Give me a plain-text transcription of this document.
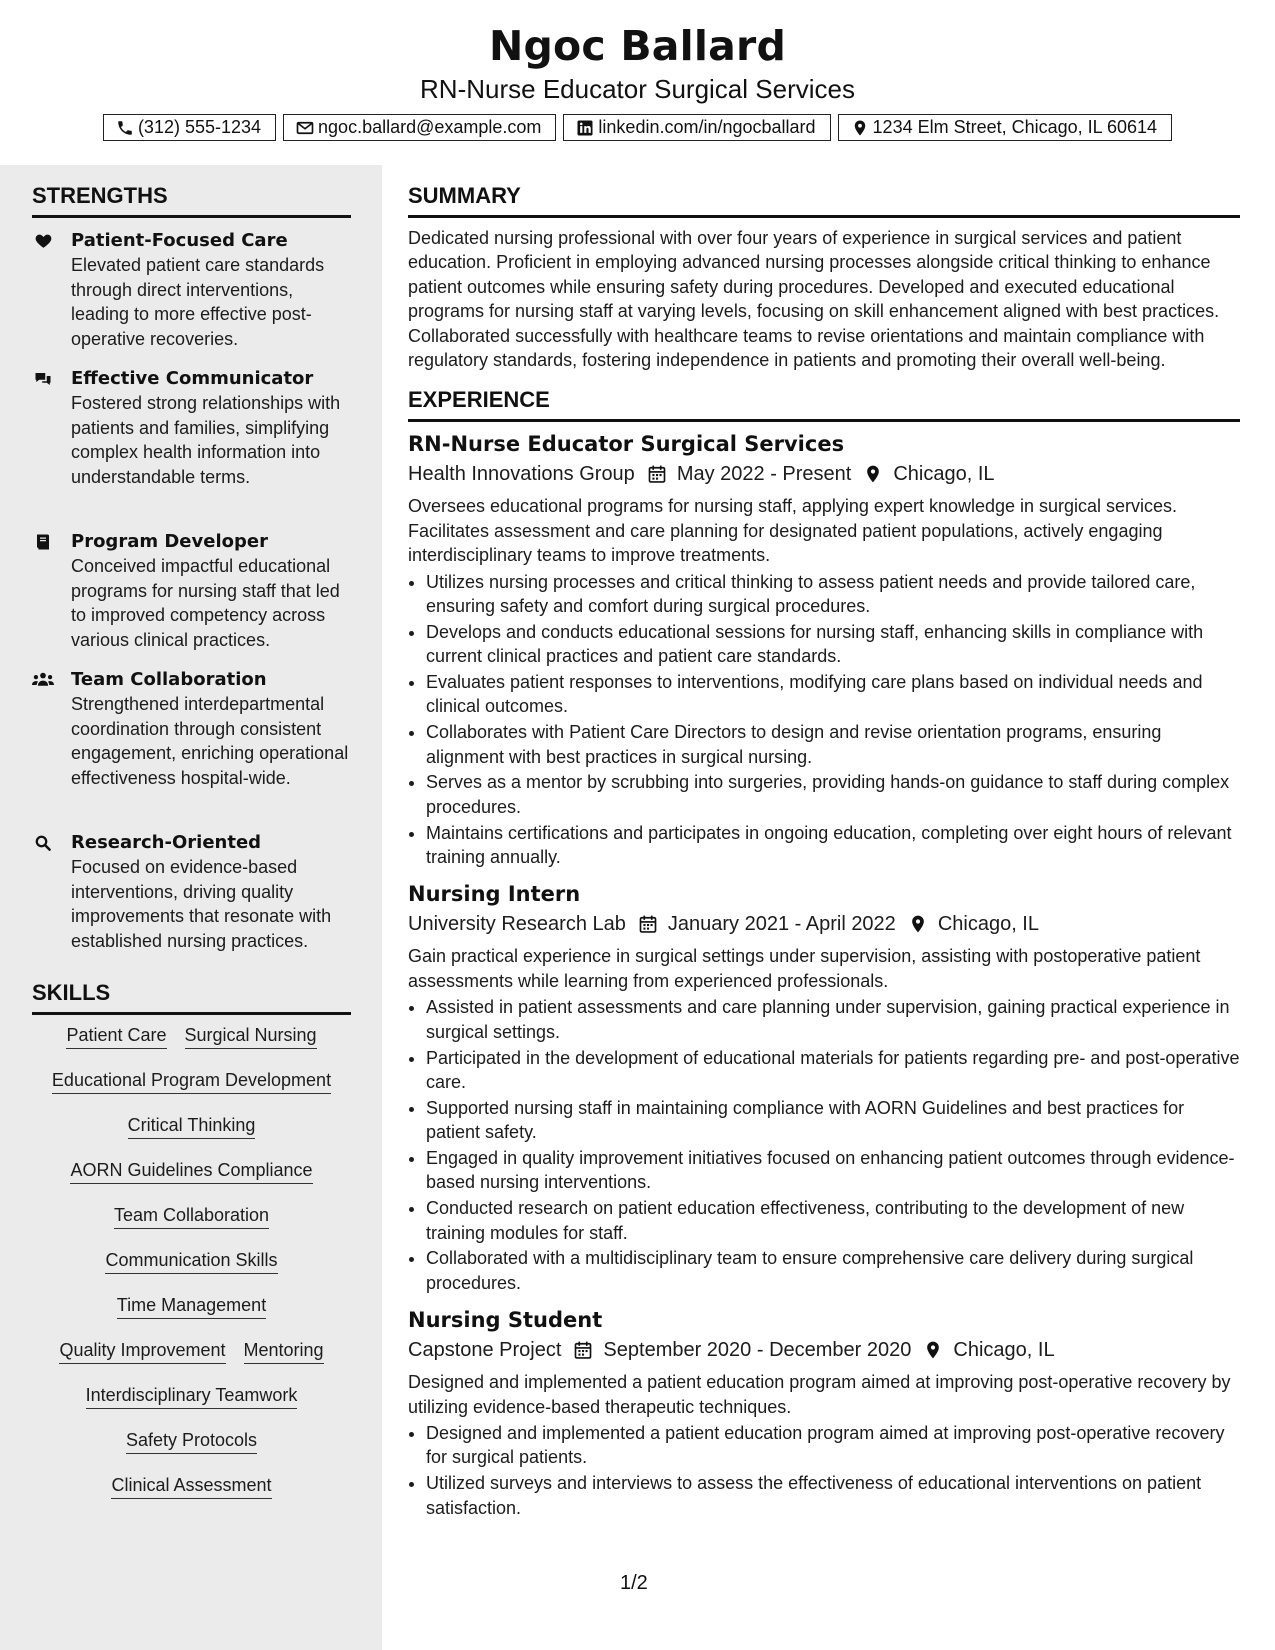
Ngoc Ballard
RN-Nurse Educator Surgical Services
(312) 555-1234	ngoc.ballard@example.com	linkedin.com/in/ngocballard	1234 Elm Street, Chicago, IL 60614
STRENGTHS
Patient-Focused Care
Elevated patient care standards through direct interventions, leading to more effective post-operative recoveries.
Effective Communicator
Fostered strong relationships with patients and families, simplifying complex health information into understandable terms.
Program Developer
Conceived impactful educational programs for nursing staff that led to improved competency across various clinical practices.
Team Collaboration
Strengthened interdepartmental coordination through consistent engagement, enriching operational effectiveness hospital-wide.
Research-Oriented
Focused on evidence-based interventions, driving quality improvements that resonate with established nursing practices.
SKILLS
Patient Care Surgical Nursing
Educational Program Development
Critical Thinking
AORN Guidelines Compliance
Team Collaboration
Communication Skills
Time Management
Quality Improvement Mentoring
Interdisciplinary Teamwork
Safety Protocols
Clinical Assessment
SUMMARY
Dedicated nursing professional with over four years of experience in surgical services and patient education. Proficient in employing advanced nursing processes alongside critical thinking to enhance patient outcomes while ensuring safety during procedures. Developed and executed educational programs for nursing staff at varying levels, focusing on skill enhancement aligned with best practices. Collaborated successfully with healthcare teams to revise orientations and maintain compliance with regulatory standards, fostering independence in patients and promoting their overall well-being.
EXPERIENCE
RN-Nurse Educator Surgical Services
Health Innovations Group May 2022 - Present Chicago, IL
Oversees educational programs for nursing staff, applying expert knowledge in surgical services. Facilitates assessment and care planning for designated patient populations, actively engaging interdisciplinary teams to improve treatments.
• Utilizes nursing processes and critical thinking to assess patient needs and provide tailored care, ensuring safety and comfort during surgical procedures.
• Develops and conducts educational sessions for nursing staff, enhancing skills in compliance with current clinical practices and patient care standards.
• Evaluates patient responses to interventions, modifying care plans based on individual needs and clinical outcomes.
• Collaborates with Patient Care Directors to design and revise orientation programs, ensuring alignment with best practices in surgical nursing.
• Serves as a mentor by scrubbing into surgeries, providing hands-on guidance to staff during complex procedures.
• Maintains certifications and participates in ongoing education, completing over eight hours of relevant training annually.
Nursing Intern
University Research Lab January 2021 - April 2022 Chicago, IL
Gain practical experience in surgical settings under supervision, assisting with postoperative patient assessments while learning from experienced professionals.
• Assisted in patient assessments and care planning under supervision, gaining practical experience in surgical settings.
• Participated in the development of educational materials for patients regarding pre- and post-operative care.
• Supported nursing staff in maintaining compliance with AORN Guidelines and best practices for patient safety.
• Engaged in quality improvement initiatives focused on enhancing patient outcomes through evidence-based nursing interventions.
• Conducted research on patient education effectiveness, contributing to the development of new training modules for staff.
• Collaborated with a multidisciplinary team to ensure comprehensive care delivery during surgical procedures.
Nursing Student
Capstone Project September 2020 - December 2020 Chicago, IL
Designed and implemented a patient education program aimed at improving post-operative recovery by utilizing evidence-based therapeutic techniques.
• Designed and implemented a patient education program aimed at improving post-operative recovery for surgical patients.
• Utilized surveys and interviews to assess the effectiveness of educational interventions on patient satisfaction.
1/2
